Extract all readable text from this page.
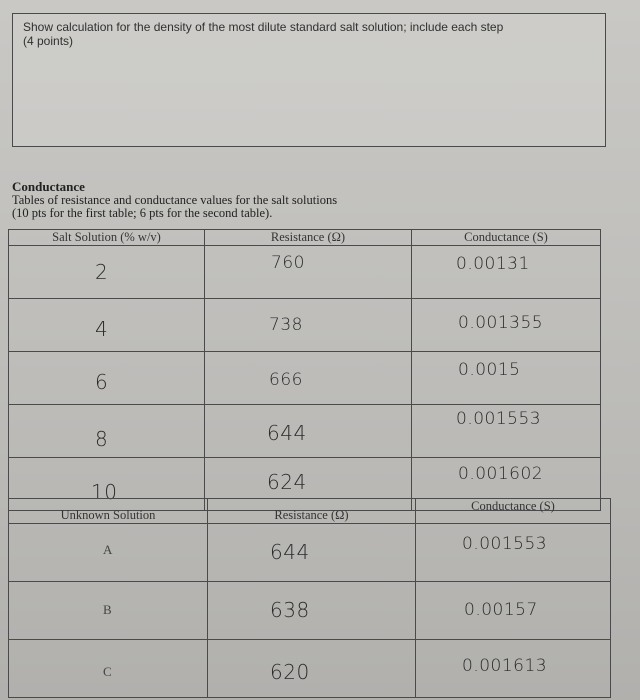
Show calculation for the density of the most dilute standard salt solution; include each step
(4 points)
Conductance
Tables of resistance and conductance values for the salt solutions
(10 pts for the first table; 6 pts for the second table).
Salt Solution (% w/v)	Resistance (Ω)	Conductance (S)

2	760	0.00131

4	738	0.001355

6	666	0.0015

8	644	0.001553

10	624	0.001602
Unknown Solution	Resistance (Ω)	Conductance (S)

A	644	0.001553

B	638	0.00157

C	620	0.001613
